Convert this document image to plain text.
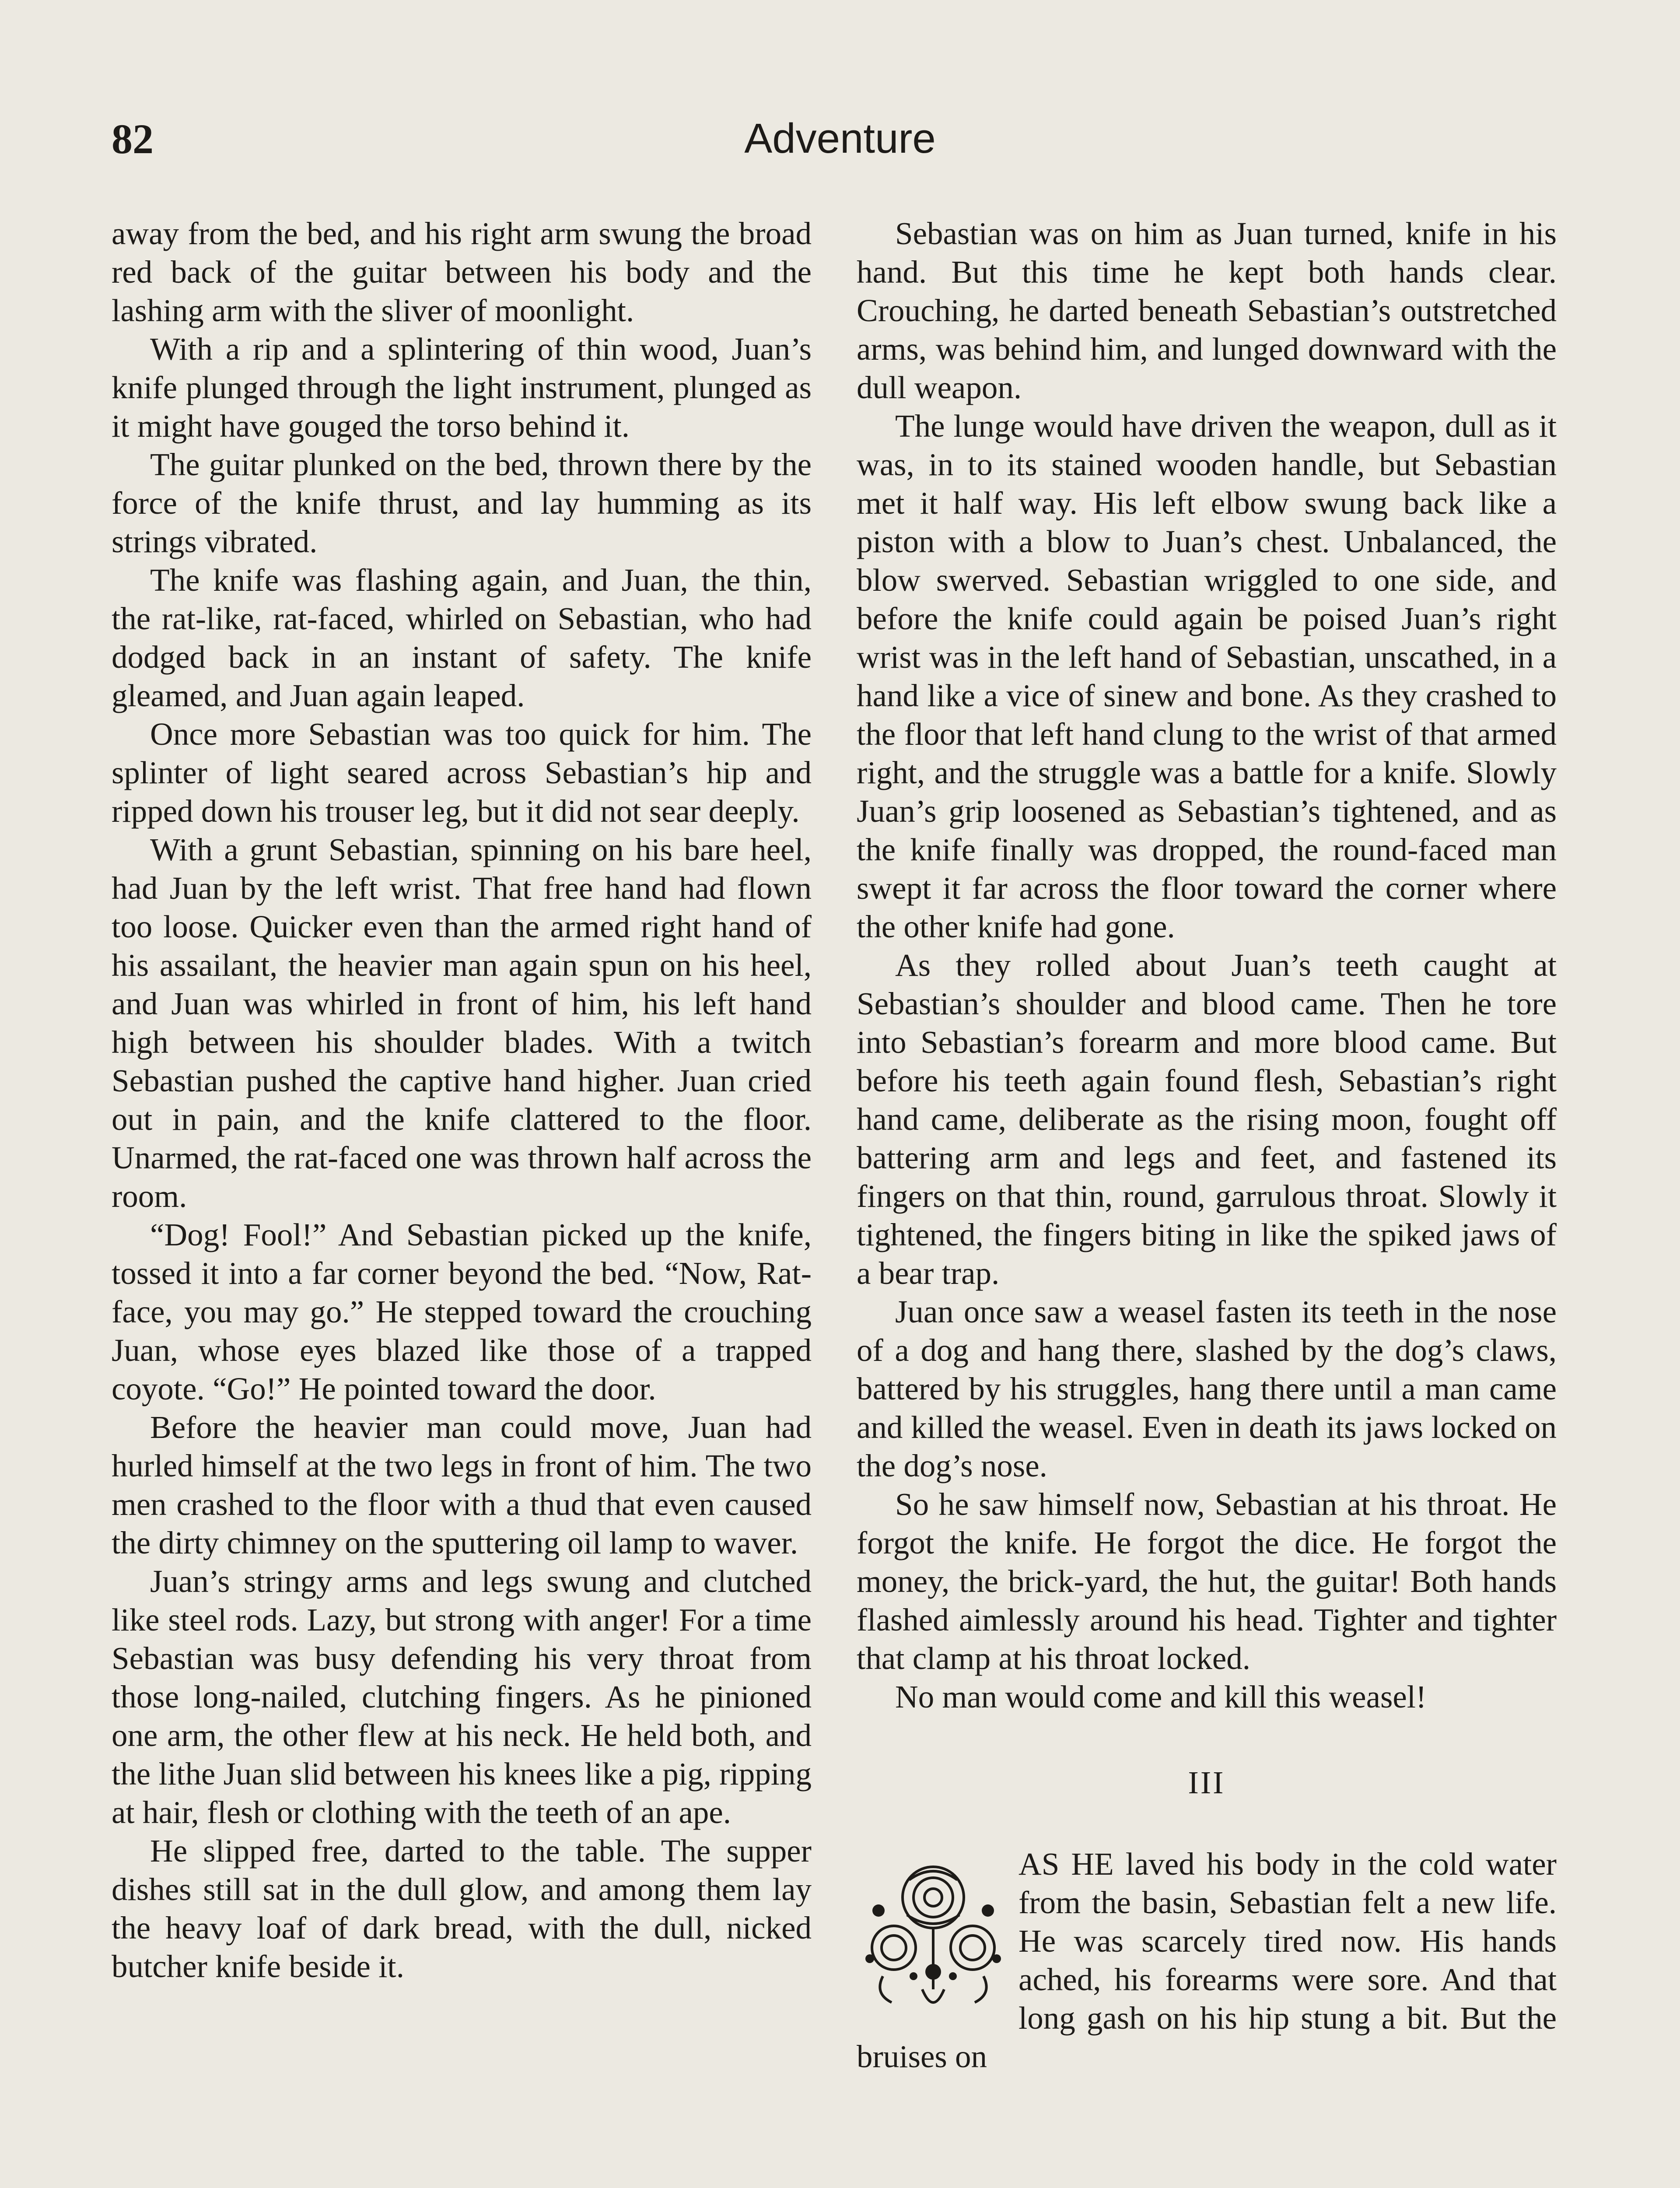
82	Adventure

away from the bed, and his right arm swung the broad red back of the guitar between his body and the lashing arm with the sliver of moonlight.

With a rip and a splintering of thin wood, Juan’s knife plunged through the light instrument, plunged as it might have gouged the torso behind it.

The guitar plunked on the bed, thrown there by the force of the knife thrust, and lay humming as its strings vibrated.

The knife was flashing again, and Juan, the thin, the rat-like, rat-faced, whirled on Sebastian, who had dodged back in an instant of safety. The knife gleamed, and Juan again leaped.

Once more Sebastian was too quick for him. The splinter of light seared across Sebastian’s hip and ripped down his trouser leg, but it did not sear deeply.

With a grunt Sebastian, spinning on his bare heel, had Juan by the left wrist. That free hand had flown too loose. Quicker even than the armed right hand of his assailant, the heavier man again spun on his heel, and Juan was whirled in front of him, his left hand high between his shoulder blades. With a twitch Sebastian pushed the captive hand higher. Juan cried out in pain, and the knife clattered to the floor. Unarmed, the rat-faced one was thrown half across the room.

“Dog! Fool!” And Sebastian picked up the knife, tossed it into a far corner beyond the bed. “Now, Rat-face, you may go.” He stepped toward the crouching Juan, whose eyes blazed like those of a trapped coyote. “Go!” He pointed toward the door.

Before the heavier man could move, Juan had hurled himself at the two legs in front of him. The two men crashed to the floor with a thud that even caused the dirty chimney on the sputtering oil lamp to waver.

Juan’s stringy arms and legs swung and clutched like steel rods. Lazy, but strong with anger! For a time Sebastian was busy defending his very throat from those long-nailed, clutching fingers. As he pinioned one arm, the other flew at his neck. He held both, and the lithe Juan slid between his knees like a pig, ripping at hair, flesh or clothing with the teeth of an ape.

He slipped free, darted to the table. The supper dishes still sat in the dull glow, and among them lay the heavy loaf of dark bread, with the dull, nicked butcher knife beside it.

Sebastian was on him as Juan turned, knife in his hand. But this time he kept both hands clear. Crouching, he darted beneath Sebastian’s outstretched arms, was behind him, and lunged downward with the dull weapon.

The lunge would have driven the weapon, dull as it was, in to its stained wooden handle, but Sebastian met it half way. His left elbow swung back like a piston with a blow to Juan’s chest. Unbalanced, the blow swerved. Sebastian wriggled to one side, and before the knife could again be poised Juan’s right wrist was in the left hand of Sebastian, unscathed, in a hand like a vice of sinew and bone. As they crashed to the floor that left hand clung to the wrist of that armed right, and the struggle was a battle for a knife. Slowly Juan’s grip loosened as Sebastian’s tightened, and as the knife finally was dropped, the round-faced man swept it far across the floor toward the corner where the other knife had gone.

As they rolled about Juan’s teeth caught at Sebastian’s shoulder and blood came. Then he tore into Sebastian’s forearm and more blood came. But before his teeth again found flesh, Sebastian’s right hand came, deliberate as the rising moon, fought off battering arm and legs and feet, and fastened its fingers on that thin, round, garrulous throat. Slowly it tightened, the fingers biting in like the spiked jaws of a bear trap.

Juan once saw a weasel fasten its teeth in the nose of a dog and hang there, slashed by the dog’s claws, battered by his struggles, hang there until a man came and killed the weasel. Even in death its jaws locked on the dog’s nose.

So he saw himself now, Sebastian at his throat. He forgot the knife. He forgot the dice. He forgot the money, the brick-yard, the hut, the guitar! Both hands flashed aimlessly around his head. Tighter and tighter that clamp at his throat locked.

No man would come and kill this weasel!

III

AS HE laved his body in the cold water from the basin, Sebastian felt a new life. He was scarcely tired now. His hands ached, his forearms were sore. And that long gash on his hip stung a bit. But the bruises on
